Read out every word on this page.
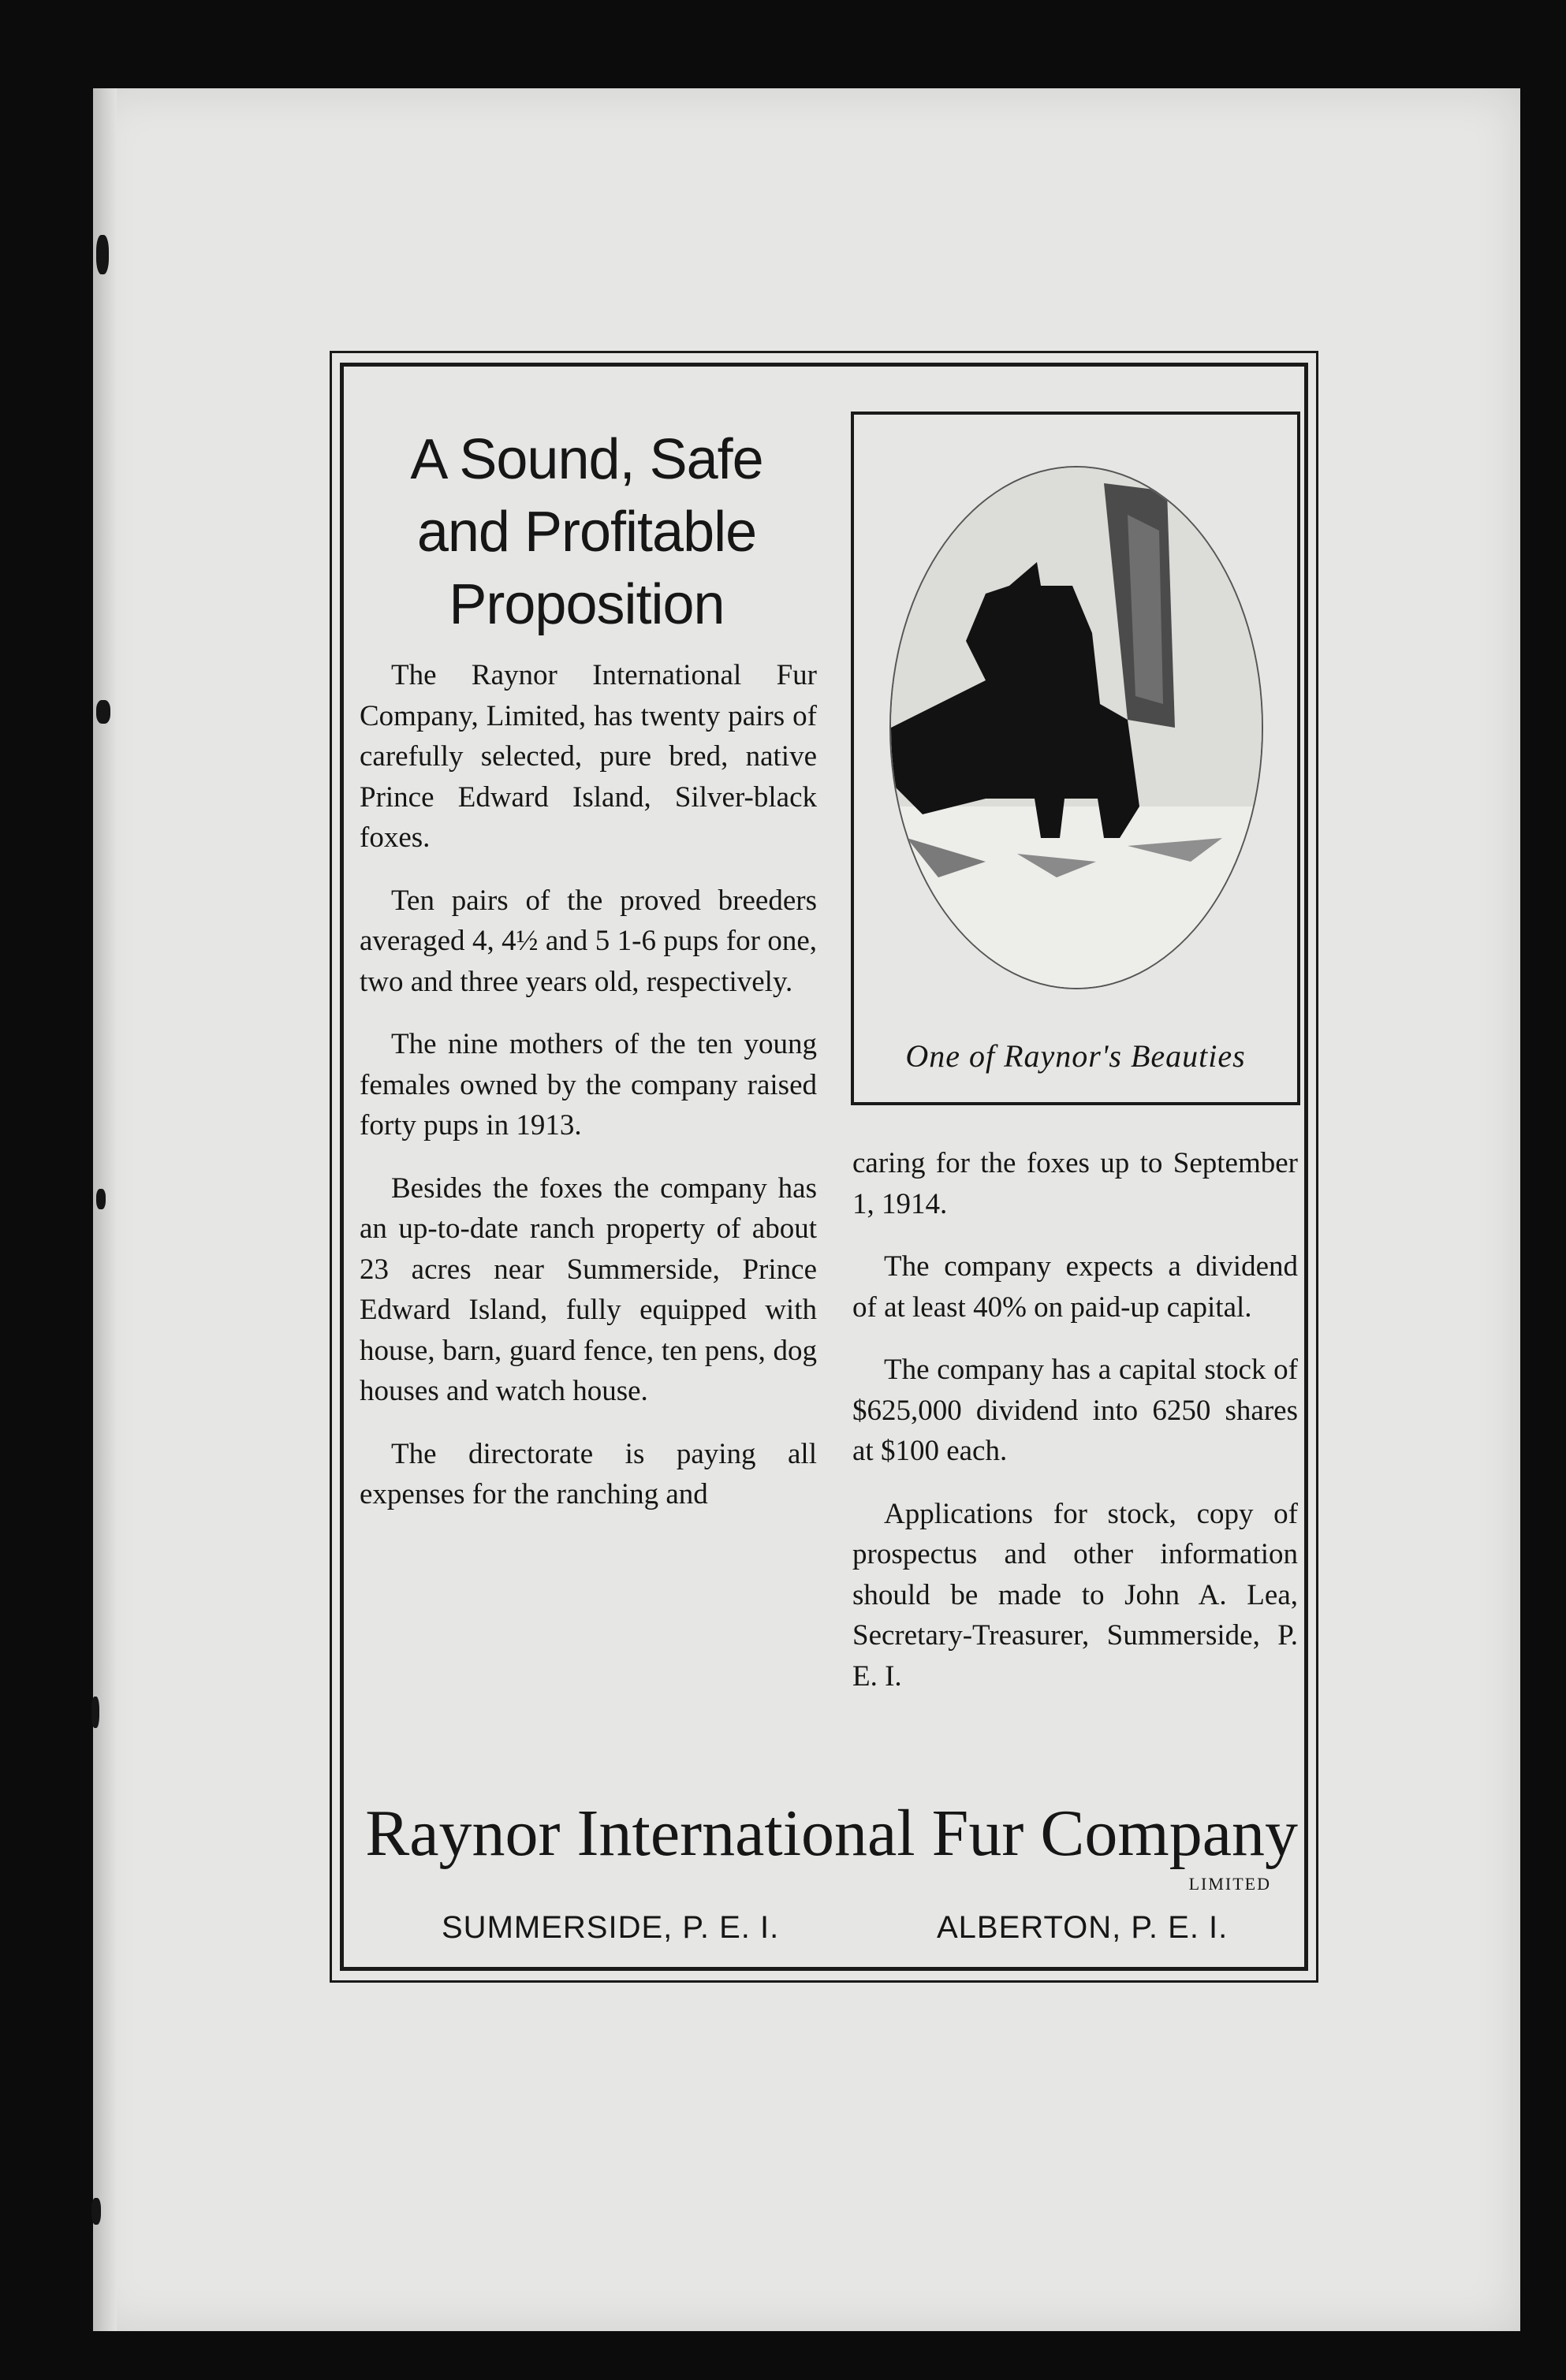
A Sound, Safe and Profitable Proposition

The Raynor International Fur Company, Limited, has twenty pairs of carefully selected, pure bred, native Prince Edward Island, Silver-black foxes.

Ten pairs of the proved breeders averaged 4, 4½ and 5 1-6 pups for one, two and three years old, respectively.

The nine mothers of the ten young females owned by the company raised forty pups in 1913.

Besides the foxes the company has an up-to-date ranch property of about 23 acres near Summerside, Prince Edward Island, fully equipped with house, barn, guard fence, ten pens, dog houses and watch house.

The directorate is paying all expenses for the ranching and

One of Raynor's Beauties

caring for the foxes up to September 1, 1914.

The company expects a dividend of at least 40% on paid-up capital.

The company has a capital stock of $625,000 dividend into 6250 shares at $100 each.

Applications for stock, copy of prospectus and other information should be made to John A. Lea, Secretary-Treasurer, Summerside, P. E. I.

Raynor International Fur Company
LIMITED
SUMMERSIDE, P. E. I.	ALBERTON, P. E. I.
